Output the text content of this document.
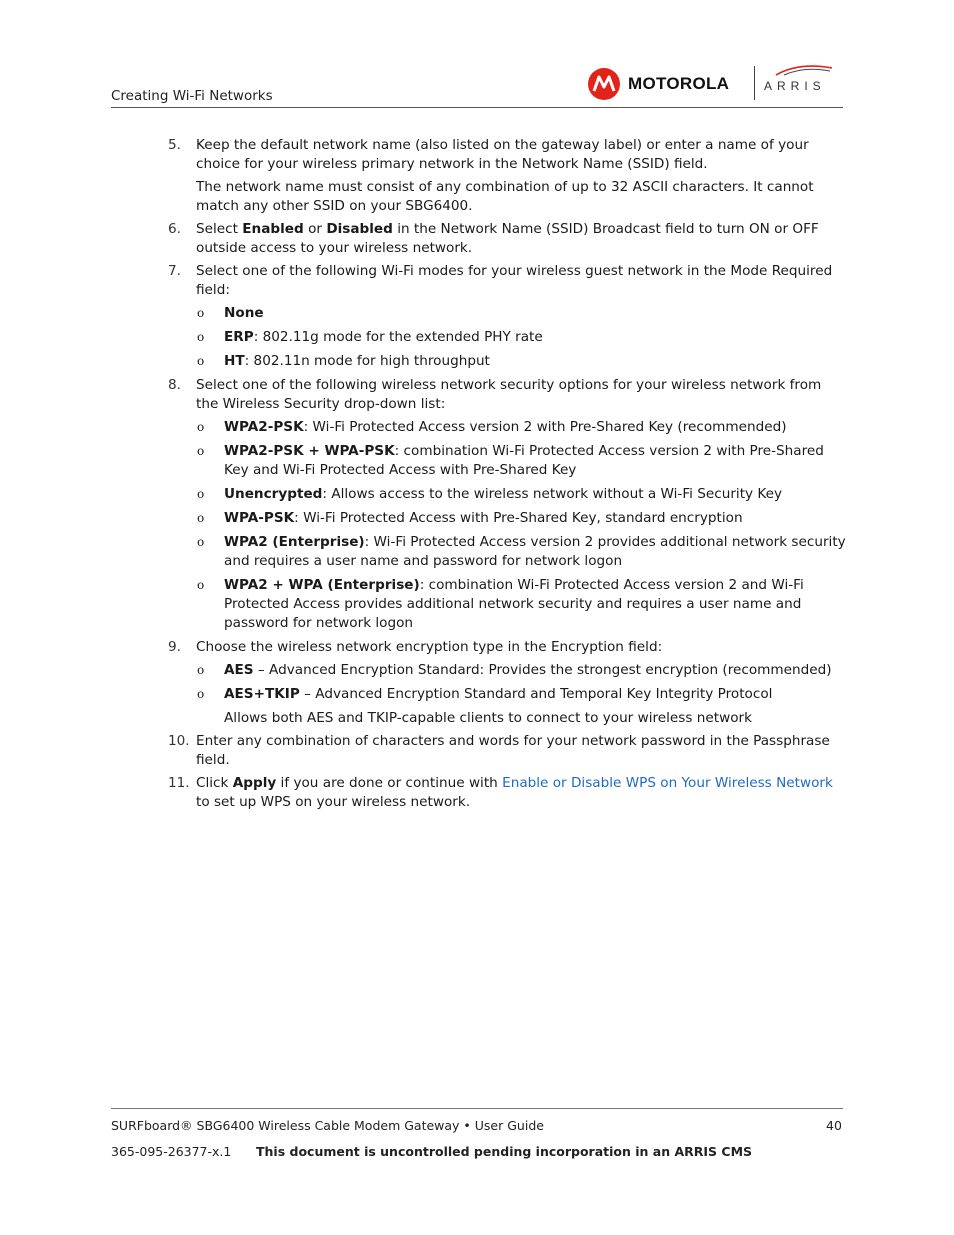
Creating Wi-Fi Networks
MOTOROLA	ARRIS
5. Keep the default network name (also listed on the gateway label) or enter a name of your choice for your wireless primary network in the Network Name (SSID) field.
The network name must consist of any combination of up to 32 ASCII characters. It cannot match any other SSID on your SBG6400.
6. Select Enabled or Disabled in the Network Name (SSID) Broadcast field to turn ON or OFF outside access to your wireless network.
7. Select one of the following Wi-Fi modes for your wireless guest network in the Mode Required field:
ο None
ο ERP: 802.11g mode for the extended PHY rate
ο HT: 802.11n mode for high throughput
8. Select one of the following wireless network security options for your wireless network from the Wireless Security drop-down list:
ο WPA2-PSK: Wi-Fi Protected Access version 2 with Pre-Shared Key (recommended)
ο WPA2-PSK + WPA-PSK: combination Wi-Fi Protected Access version 2 with Pre-Shared Key and Wi-Fi Protected Access with Pre-Shared Key
ο Unencrypted: Allows access to the wireless network without a Wi-Fi Security Key
ο WPA-PSK: Wi-Fi Protected Access with Pre-Shared Key, standard encryption
ο WPA2 (Enterprise): Wi-Fi Protected Access version 2 provides additional network security and requires a user name and password for network logon
ο WPA2 + WPA (Enterprise): combination Wi-Fi Protected Access version 2 and Wi-Fi Protected Access provides additional network security and requires a user name and password for network logon
9. Choose the wireless network encryption type in the Encryption field:
ο AES – Advanced Encryption Standard: Provides the strongest encryption (recommended)
ο AES+TKIP – Advanced Encryption Standard and Temporal Key Integrity Protocol
Allows both AES and TKIP-capable clients to connect to your wireless network
10. Enter any combination of characters and words for your network password in the Passphrase field.
11. Click Apply if you are done or continue with Enable or Disable WPS on Your Wireless Network to set up WPS on your wireless network.
SURFboard® SBG6400 Wireless Cable Modem Gateway • User Guide	40
365-095-26377-x.1 This document is uncontrolled pending incorporation in an ARRIS CMS
